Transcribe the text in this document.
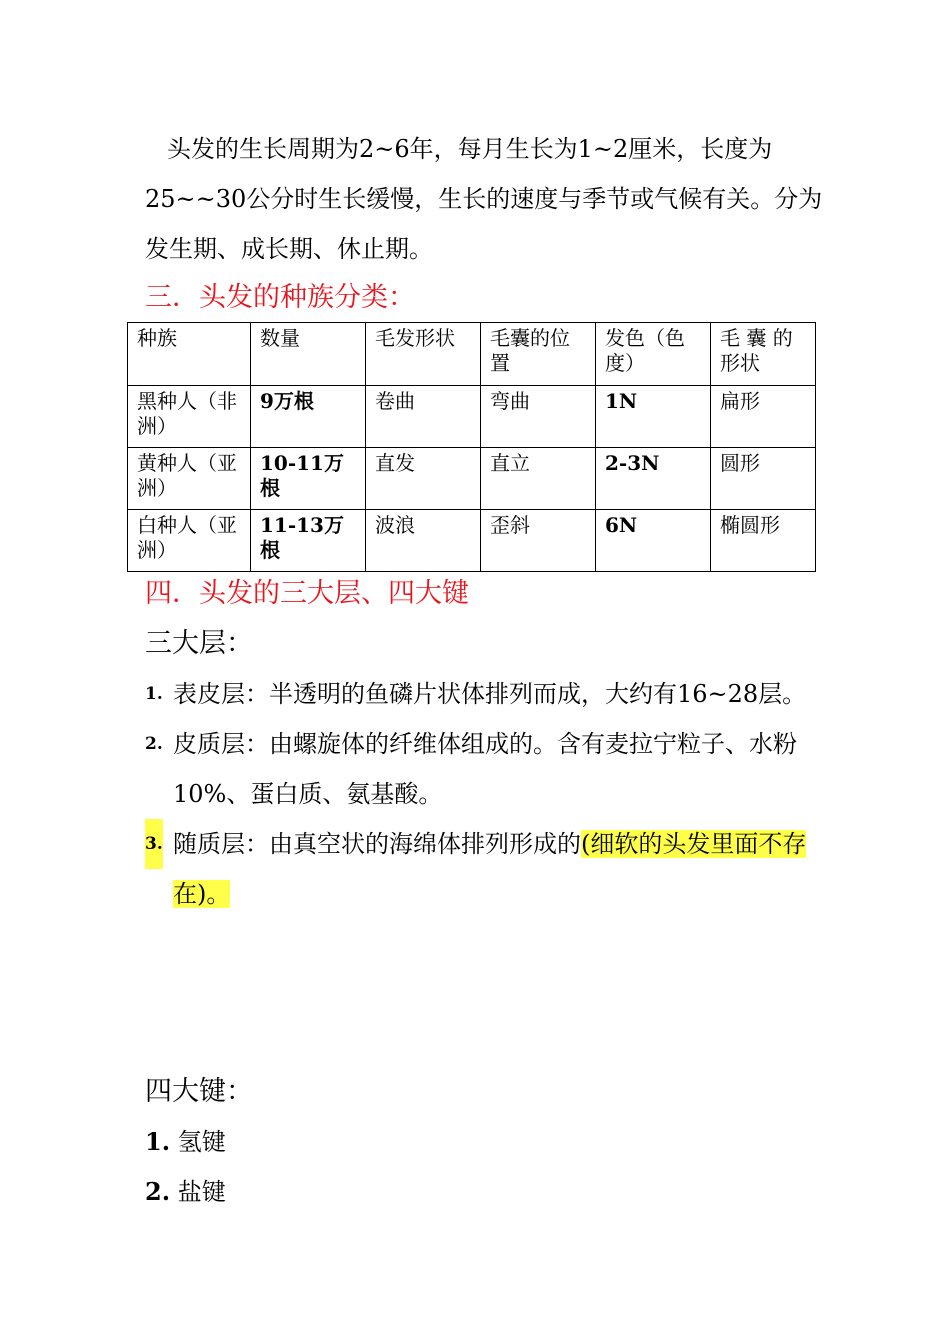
头发的生长周期为2~6年，每月生长为1~2厘米，长度为25~~30公分时生长缓慢，生长的速度与季节或气候有关。分为发生期、成长期、休止期。
三．头发的种族分类：
种族	数量	毛发形状	毛囊的位置	发色（色度）	毛 囊 的形状
黑种人（非洲）	9万根	卷曲	弯曲	1N	扁形
黄种人（亚洲）	10-11万根	直发	直立	2-3N	圆形
白种人（亚洲）	11-13万根	波浪	歪斜	6N	椭圆形
四．头发的三大层、四大键
三大层：
1. 表皮层：半透明的鱼磷片状体排列而成，大约有16~28层。
2. 皮质层：由螺旋体的纤维体组成的。含有麦拉宁粒子、水粉10%、蛋白质、氨基酸。
3. 随质层：由真空状的海绵体排列形成的(细软的头发里面不存在)。
四大键：
1. 氢键
2. 盐键
